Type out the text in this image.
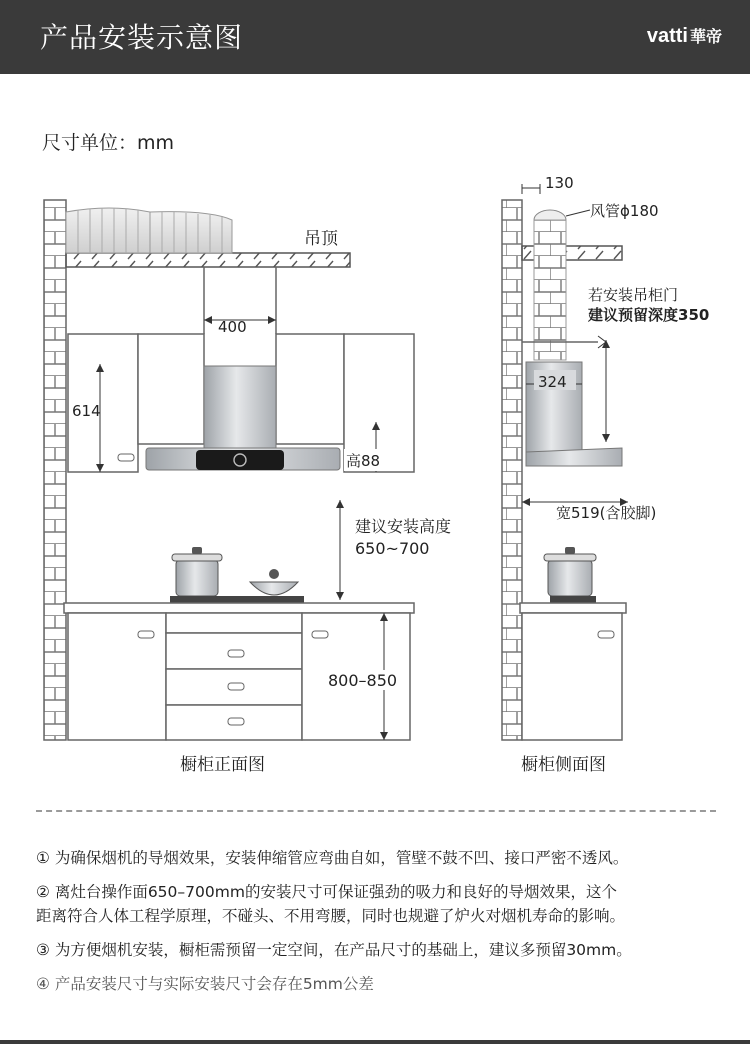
产品安装示意图	vatti 華帝
尺寸单位：mm
吊顶
400
614
高88
建议安装高度
650~700
800–850
130
风管ϕ180
若安装吊柜门
建议预留深度350
324
宽519(含胶脚)
橱柜正面图	橱柜侧面图
① 为确保烟机的导烟效果，安装伸缩管应弯曲自如，管壁不鼓不凹、接口严密不透风。
② 离灶台操作面650–700mm的安装尺寸可保证强劲的吸力和良好的导烟效果，这个
距离符合人体工程学原理，不碰头、不用弯腰，同时也规避了炉火对烟机寿命的影响。
③ 为方便烟机安装，橱柜需预留一定空间，在产品尺寸的基础上，建议多预留30mm。
④ 产品安装尺寸与实际安装尺寸会存在5mm公差
